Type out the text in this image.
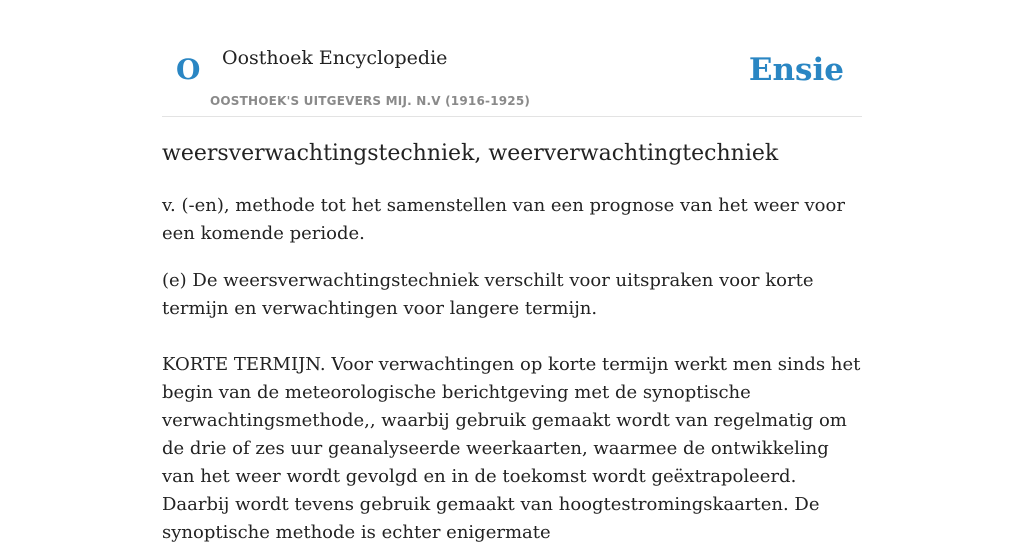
O Oosthoek Encyclopedie
OOSTHOEK'S UITGEVERS MIJ. N.V (1916-1925)
Ensie
weersverwachtingstechniek, weerverwachtingtechniek

v. (-en), methode tot het samenstellen van een prognose van het weer voor een komende periode.

(e) De weersverwachtingstechniek verschilt voor uitspraken voor korte termijn en verwachtingen voor langere termijn.

KORTE TERMIJN. Voor verwachtingen op korte termijn werkt men sinds het begin van de meteorologische berichtgeving met de synoptische verwachtingsmethode,, waarbij gebruik gemaakt wordt van regelmatig om de drie of zes uur geanalyseerde weerkaarten, waarmee de ontwikkeling van het weer wordt gevolgd en in de toekomst wordt geëxtrapoleerd. Daarbij wordt tevens gebruik gemaakt van hoogtestromingskaarten. De synoptische methode is echter enigermate
